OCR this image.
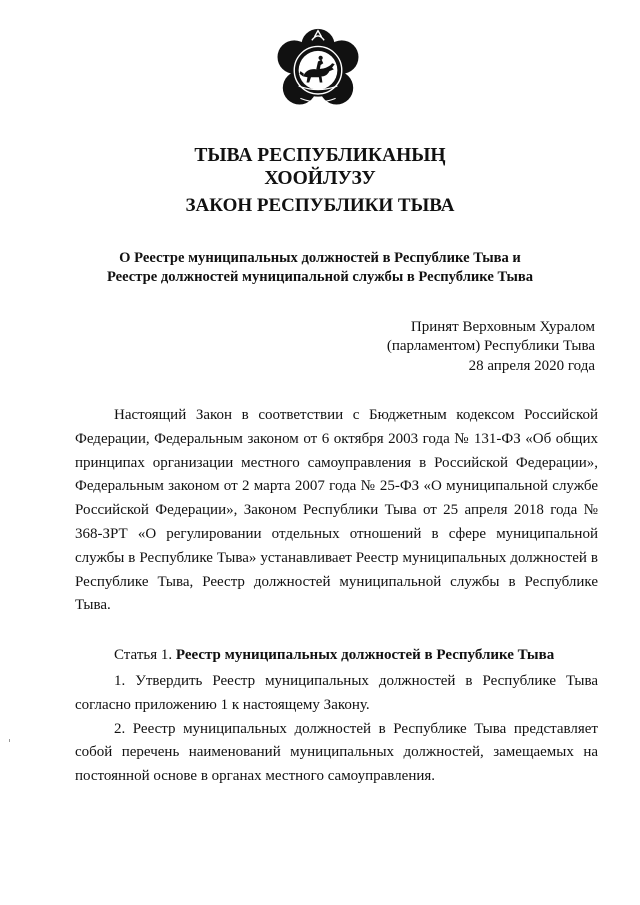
ТЫВА РЕСПУБЛИКАНЫҢ
ХООЙЛУЗУ
ЗАКОН РЕСПУБЛИКИ ТЫВА
О Реестре муниципальных должностей в Республике Тыва и
Реестре должностей муниципальной службы в Республике Тыва
Принят Верховным Хуралом
(парламентом) Республики Тыва
28 апреля 2020 года

Настоящий Закон в соответствии с Бюджетным кодексом Российской Федерации, Федеральным законом от 6 октября 2003 года № 131-ФЗ «Об общих принципах организации местного самоуправления в Российской Федерации», Федеральным законом от 2 марта 2007 года № 25-ФЗ «О муниципальной службе Российской Федерации», Законом Республики Тыва от 25 апреля 2018 года № 368-ЗРТ «О регулировании отдельных отношений в сфере муниципальной службы в Республике Тыва» устанавливает Реестр муниципальных должностей в Республике Тыва, Реестр должностей муниципальной службы в Республике Тыва.

Статья 1. Реестр муниципальных должностей в Республике Тыва

1. Утвердить Реестр муниципальных должностей в Республике Тыва согласно приложению 1 к настоящему Закону.

2. Реестр муниципальных должностей в Республике Тыва представляет собой перечень наименований муниципальных должностей, замещаемых на постоянной основе в органах местного самоуправления.
